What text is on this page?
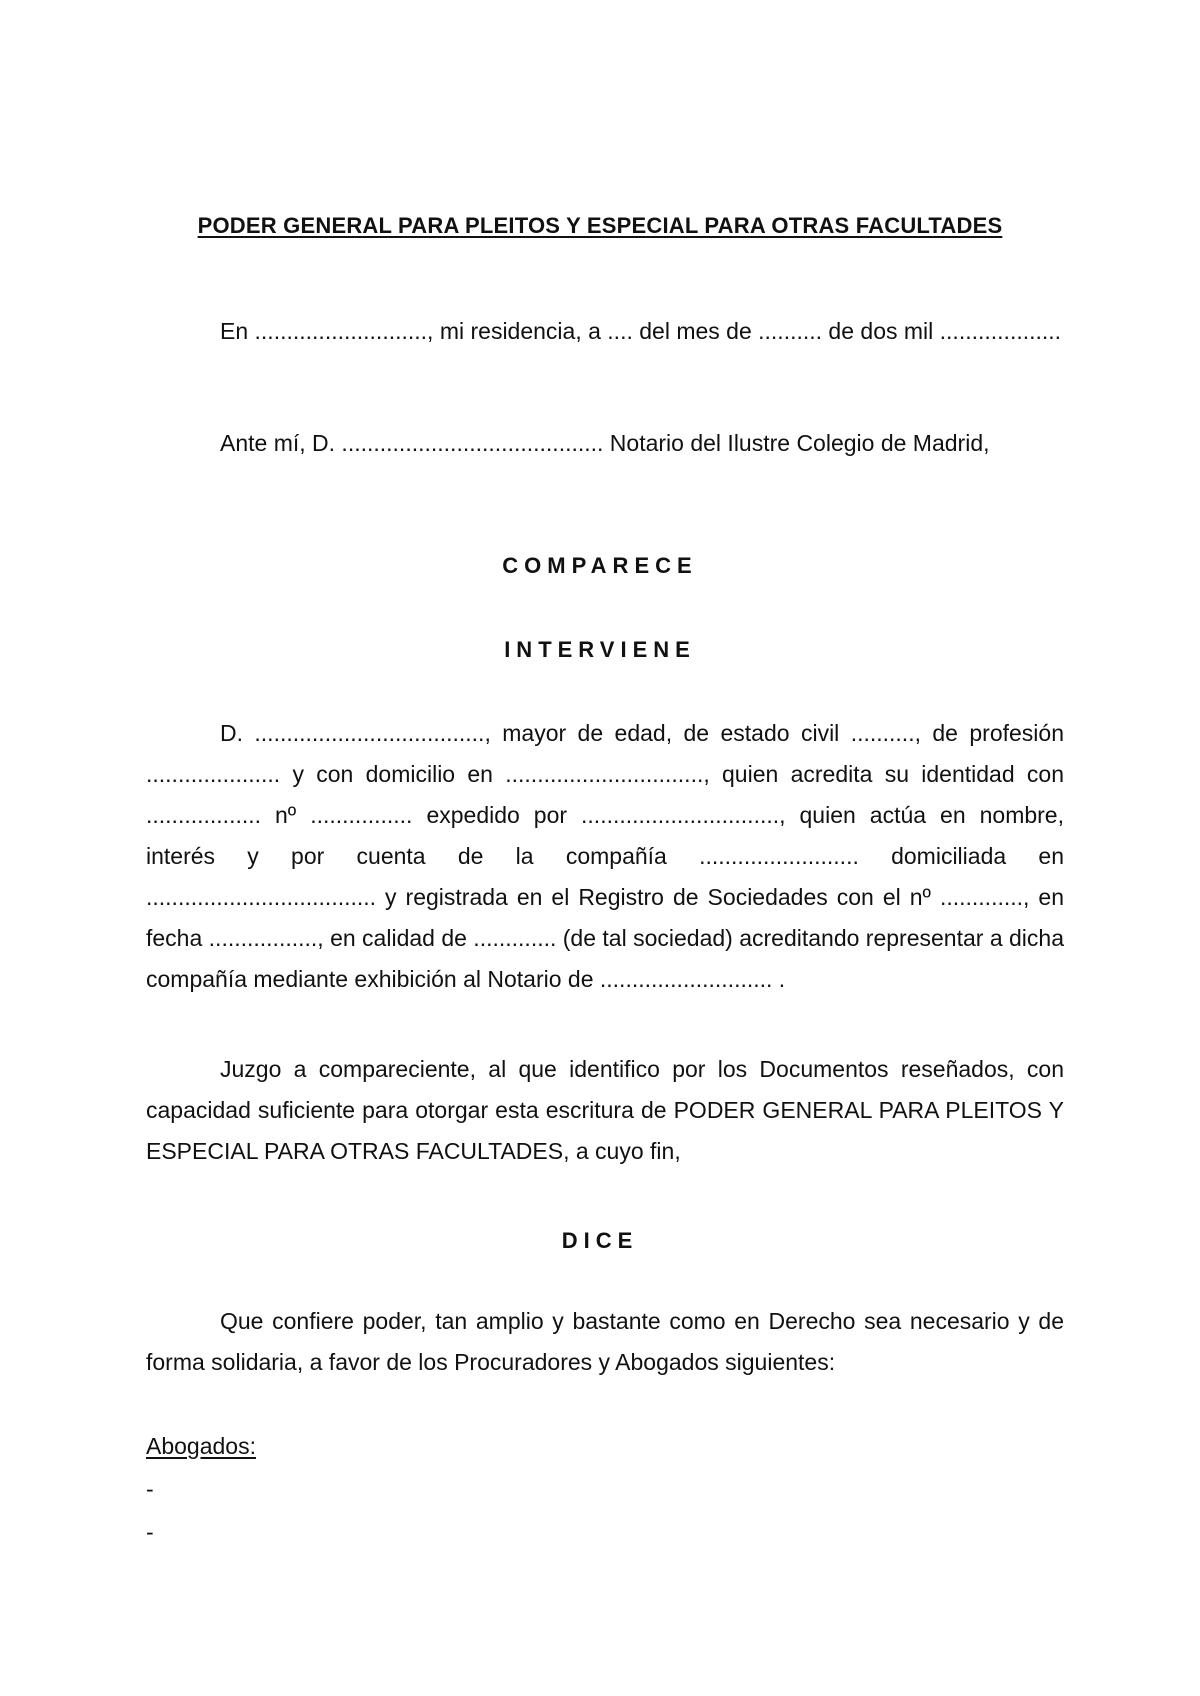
PODER GENERAL PARA PLEITOS Y ESPECIAL PARA OTRAS FACULTADES

En ..........................., mi residencia, a .... del mes de .......... de dos mil ...................

Ante mí, D. ......................................... Notario del Ilustre Colegio de Madrid,

COMPARECE
INTERVIENE

D. ...................................., mayor de edad, de estado civil .........., de profesión ..................... y con domicilio en ..............................., quien acredita su identidad con .................. nº ................ expedido por ..............................., quien actúa en nombre, interés y por cuenta de la compañía ......................... domiciliada en .................................... y registrada en el Registro de Sociedades con el nº ............., en fecha ................., en calidad de ............. (de tal sociedad) acreditando representar a dicha compañía mediante exhibición al Notario de ........................... .

Juzgo a compareciente, al que identifico por los Documentos reseñados, con capacidad suficiente para otorgar esta escritura de PODER GENERAL PARA PLEITOS Y ESPECIAL PARA OTRAS FACULTADES, a cuyo fin,

DICE

Que confiere poder, tan amplio y bastante como en Derecho sea necesario y de forma solidaria, a favor de los Procuradores y Abogados siguientes:

Abogados:
-
-
